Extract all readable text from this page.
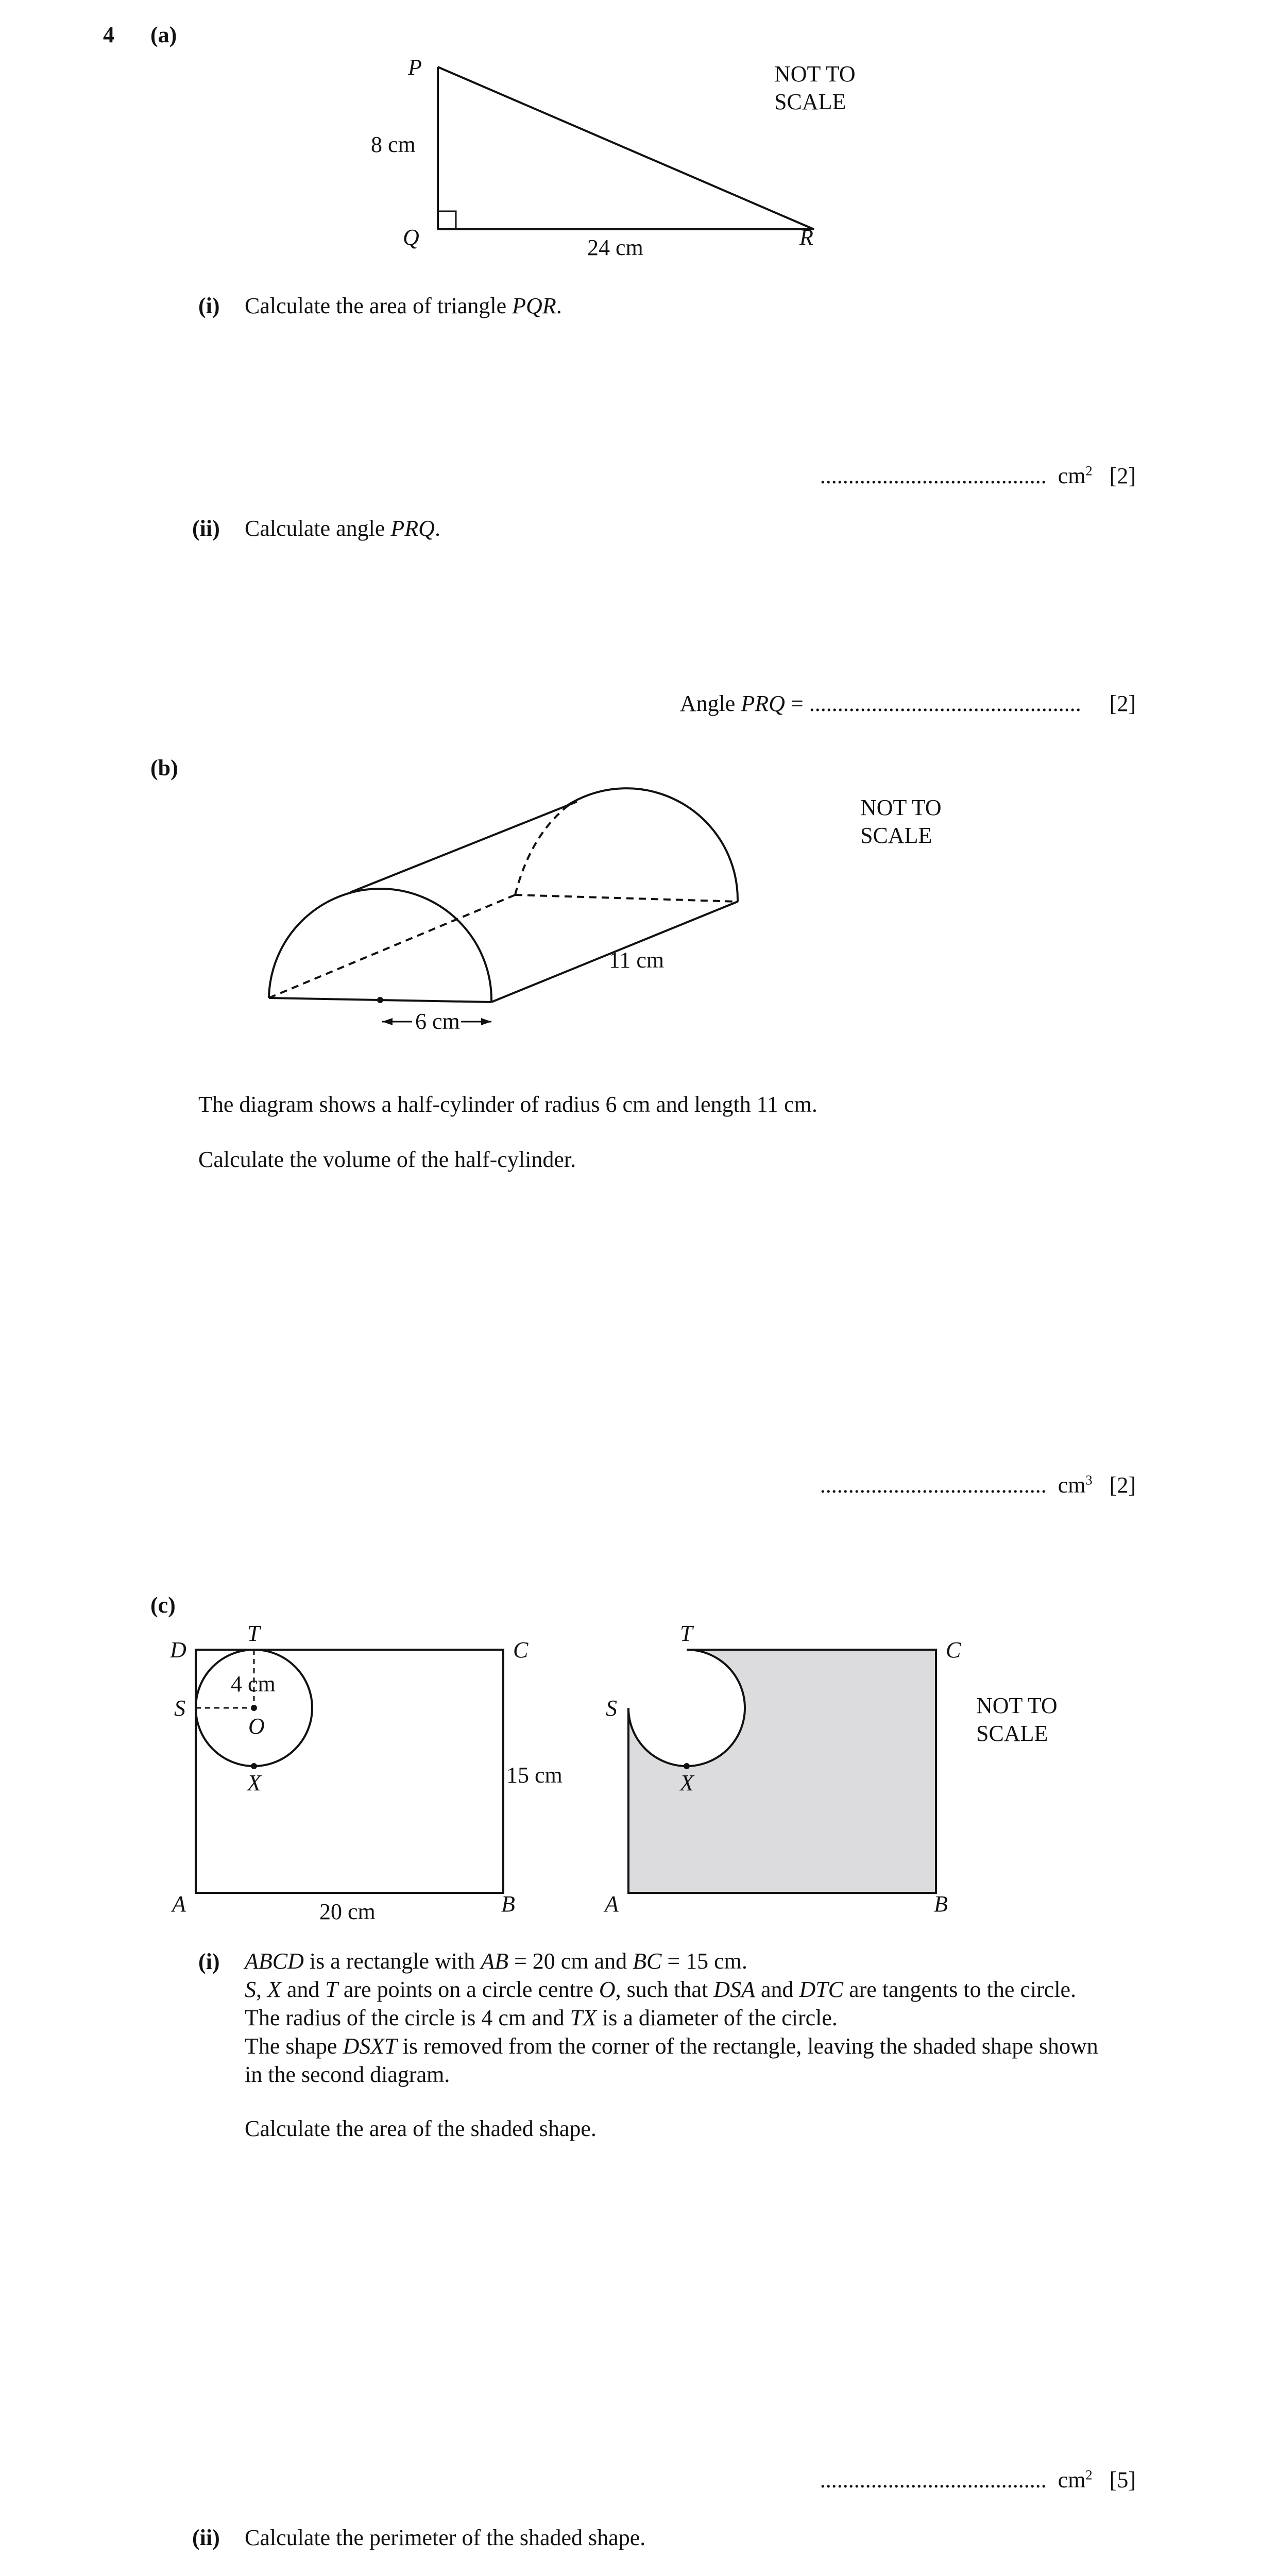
4 (a)
P
Q	R
8 cm
24 cm
NOT TO
SCALE
(i) Calculate the area of triangle PQR.
........................................ $cm^2$ [2]
(ii) Calculate angle PRQ.
Angle PRQ = ................................................ [2]
(b)
6 cm
11 cm
NOT TO
SCALE
The diagram shows a half-cylinder of radius 6 cm and length 11 cm.
Calculate the volume of the half-cylinder.
........................................ $cm^3$ [2]
(c)
D
T
C
S
4 cm
O
X	15 cm
A	B
20 cm
T
C
S
X
A	B
NOT TO
SCALE
(i) ABCD is a rectangle with AB = 20 cm and BC = 15 cm.
S, X and T are points on a circle centre O, such that DSA and DTC are tangents to the circle.
The radius of the circle is 4 cm and TX is a diameter of the circle.
The shape DSXT is removed from the corner of the rectangle, leaving the shaded shape shown
in the second diagram.
Calculate the area of the shaded shape.
........................................ $cm^2$ [5]
(ii) Calculate the perimeter of the shaded shape.
